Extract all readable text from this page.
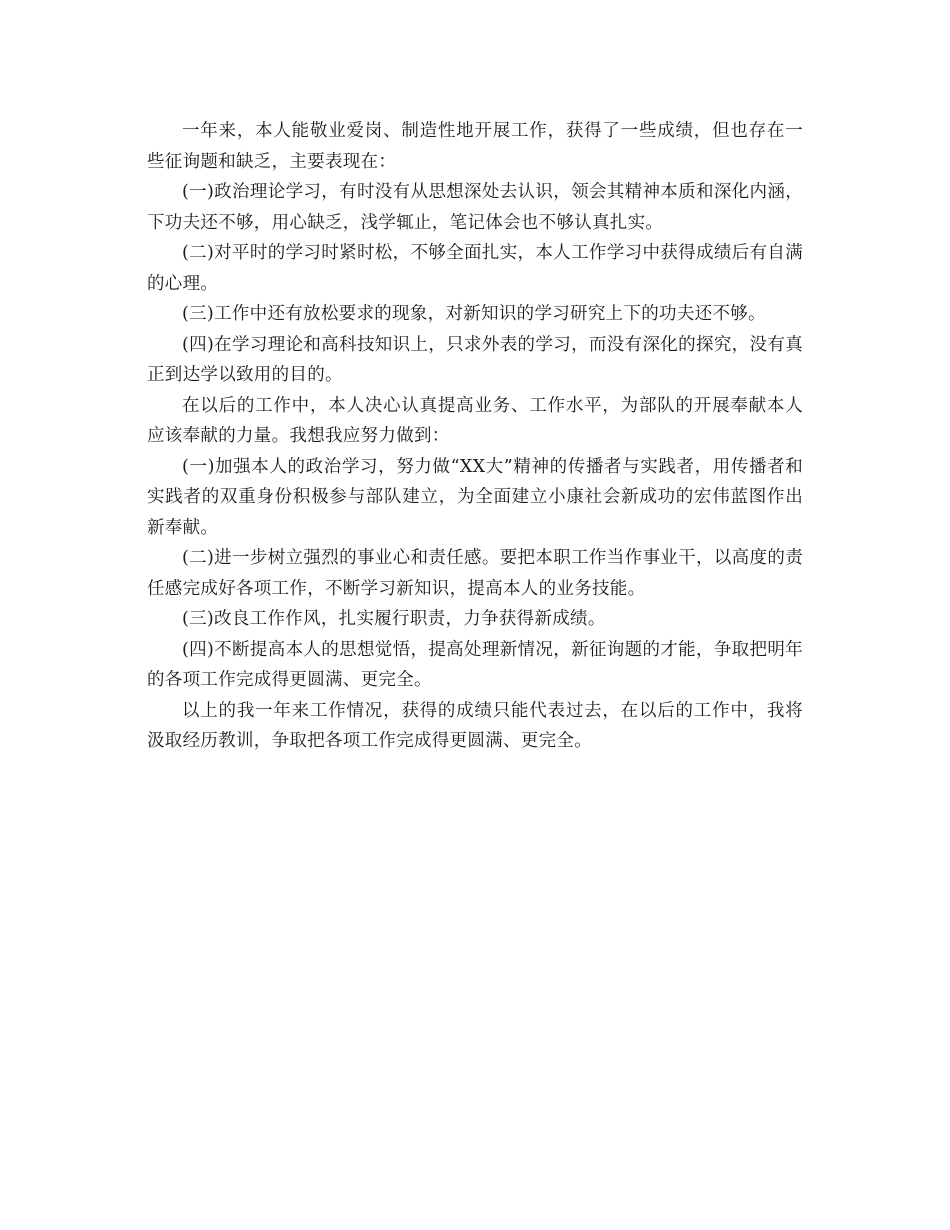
一年来，本人能敬业爱岗、制造性地开展工作，获得了一些成绩，但也存在一些征询题和缺乏，主要表现在：

(一)政治理论学习，有时没有从思想深处去认识，领会其精神本质和深化内涵，下功夫还不够，用心缺乏，浅学辄止，笔记体会也不够认真扎实。

(二)对平时的学习时紧时松，不够全面扎实，本人工作学习中获得成绩后有自满的心理。

(三)工作中还有放松要求的现象，对新知识的学习研究上下的功夫还不够。

(四)在学习理论和高科技知识上，只求外表的学习，而没有深化的探究，没有真正到达学以致用的目的。

在以后的工作中，本人决心认真提高业务、工作水平，为部队的开展奉献本人应该奉献的力量。我想我应努力做到：

(一)加强本人的政治学习，努力做“XX大”精神的传播者与实践者，用传播者和实践者的双重身份积极参与部队建立，为全面建立小康社会新成功的宏伟蓝图作出新奉献。

(二)进一步树立强烈的事业心和责任感。要把本职工作当作事业干，以高度的责任感完成好各项工作，不断学习新知识，提高本人的业务技能。

(三)改良工作作风，扎实履行职责，力争获得新成绩。

(四)不断提高本人的思想觉悟，提高处理新情况，新征询题的才能，争取把明年的各项工作完成得更圆满、更完全。

以上的我一年来工作情况，获得的成绩只能代表过去，在以后的工作中，我将汲取经历教训，争取把各项工作完成得更圆满、更完全。
